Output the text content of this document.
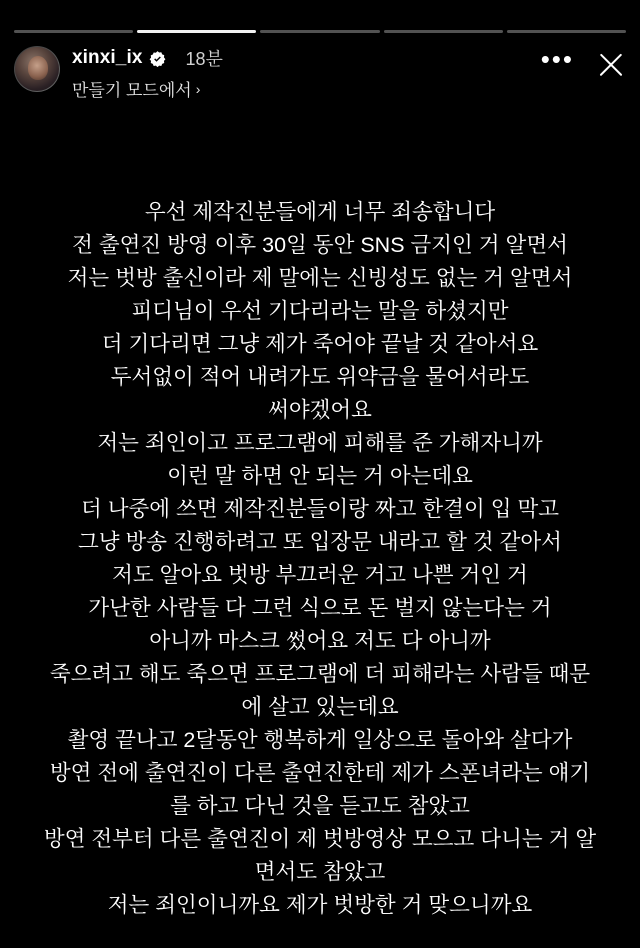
xinxi_ix 18분
만들기 모드에서 ›
•••
우선 제작진분들에게 너무 죄송합니다
전 출연진 방영 이후 30일 동안 SNS 금지인 거 알면서
저는 벗방 출신이라 제 말에는 신빙성도 없는 거 알면서
피디님이 우선 기다리라는 말을 하셨지만
더 기다리면 그냥 제가 죽어야 끝날 것 같아서요
두서없이 적어 내려가도 위약금을 물어서라도
써야겠어요
저는 죄인이고 프로그램에 피해를 준 가해자니까
이런 말 하면 안 되는 거 아는데요
더 나중에 쓰면 제작진분들이랑 짜고 한결이 입 막고
그냥 방송 진행하려고 또 입장문 내라고 할 것 같아서
저도 알아요 벗방 부끄러운 거고 나쁜 거인 거
가난한 사람들 다 그런 식으로 돈 벌지 않는다는 거
아니까 마스크 썼어요 저도 다 아니까
죽으려고 해도 죽으면 프로그램에 더 피해라는 사람들 때문
에 살고 있는데요
촬영 끝나고 2달동안 행복하게 일상으로 돌아와 살다가
방연 전에 출연진이 다른 출연진한테 제가 스폰녀라는 얘기
를 하고 다닌 것을 듣고도 참았고
방연 전부터 다른 출연진이 제 벗방영상 모으고 다니는 거 알
면서도 참았고
저는 죄인이니까요 제가 벗방한 거 맞으니까요
